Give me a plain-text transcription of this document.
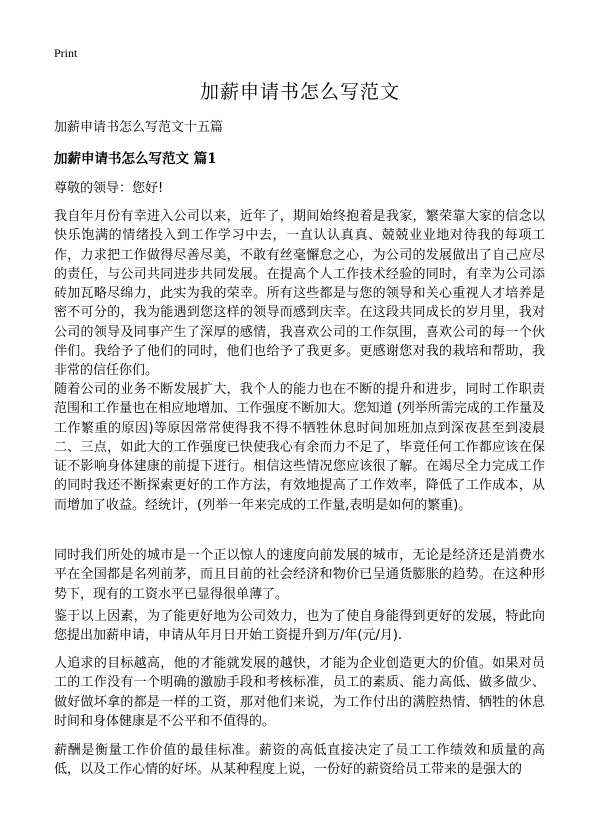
Print
加薪申请书怎么写范文

加薪申请书怎么写范文十五篇

加薪申请书怎么写范文 篇1

尊敬的领导：您好!

我自年月份有幸进入公司以来，近年了，期间始终抱着是我家，繁荣靠大家的信念以快乐饱满的情绪投入到工作学习中去，一直认认真真、兢兢业业地对待我的每项工作，力求把工作做得尽善尽美，不敢有丝毫懈怠之心，为公司的发展做出了自己应尽的责任，与公司共同进步共同发展。在提高个人工作技术经验的同时，有幸为公司添砖加瓦略尽绵力，此实为我的荣幸。所有这些都是与您的领导和关心重视人才培养是密不可分的，我为能遇到您这样的领导而感到庆幸。在这段共同成长的岁月里，我对公司的领导及同事产生了深厚的感情，我喜欢公司的工作氛围，喜欢公司的每一个伙伴们。我给予了他们的同时，他们也给予了我更多。更感谢您对我的栽培和帮助，我非常的信任你们。

随着公司的业务不断发展扩大，我个人的能力也在不断的提升和进步，同时工作职责范围和工作量也在相应地增加、工作强度不断加大。您知道 (列举所需完成的工作量及工作繁重的原因)等原因常常使得我不得不牺牲休息时间加班加点到深夜甚至到凌晨二、三点，如此大的工作强度已快使我心有余而力不足了，毕竟任何工作都应该在保证不影响身体建康的前提下进行。相信这些情况您应该很了解。在竭尽全力完成工作的同时我还不断探索更好的工作方法，有效地提高了工作效率，降低了工作成本，从而增加了收益。经统计，(列举一年来完成的工作量,表明是如何的繁重)。

同时我们所处的城市是一个正以惊人的速度向前发展的城市，无论是经济还是消费水平在全国都是名列前茅，而且目前的社会经济和物价已呈通货膨胀的趋势。在这种形势下，现有的工资水平已显得很单薄了。

鉴于以上因素，为了能更好地为公司效力，也为了使自身能得到更好的发展，特此向您提出加薪申请，申请从年月日开始工资提升到万/年(元/月).

人追求的目标越高，他的才能就发展的越快，才能为企业创造更大的价值。如果对员工的工作没有一个明确的激励手段和考核标准，员工的素质、能力高低、做多做少、做好做坏拿的都是一样的工资，那对他们来说，为工作付出的满腔热情、牺牲的休息时间和身体健康是不公平和不值得的。

薪酬是衡量工作价值的最佳标准。薪资的高低直接决定了员工工作绩效和质量的高低，以及工作心情的好坏。从某种程度上说，一份好的薪资给员工带来的是强大的
